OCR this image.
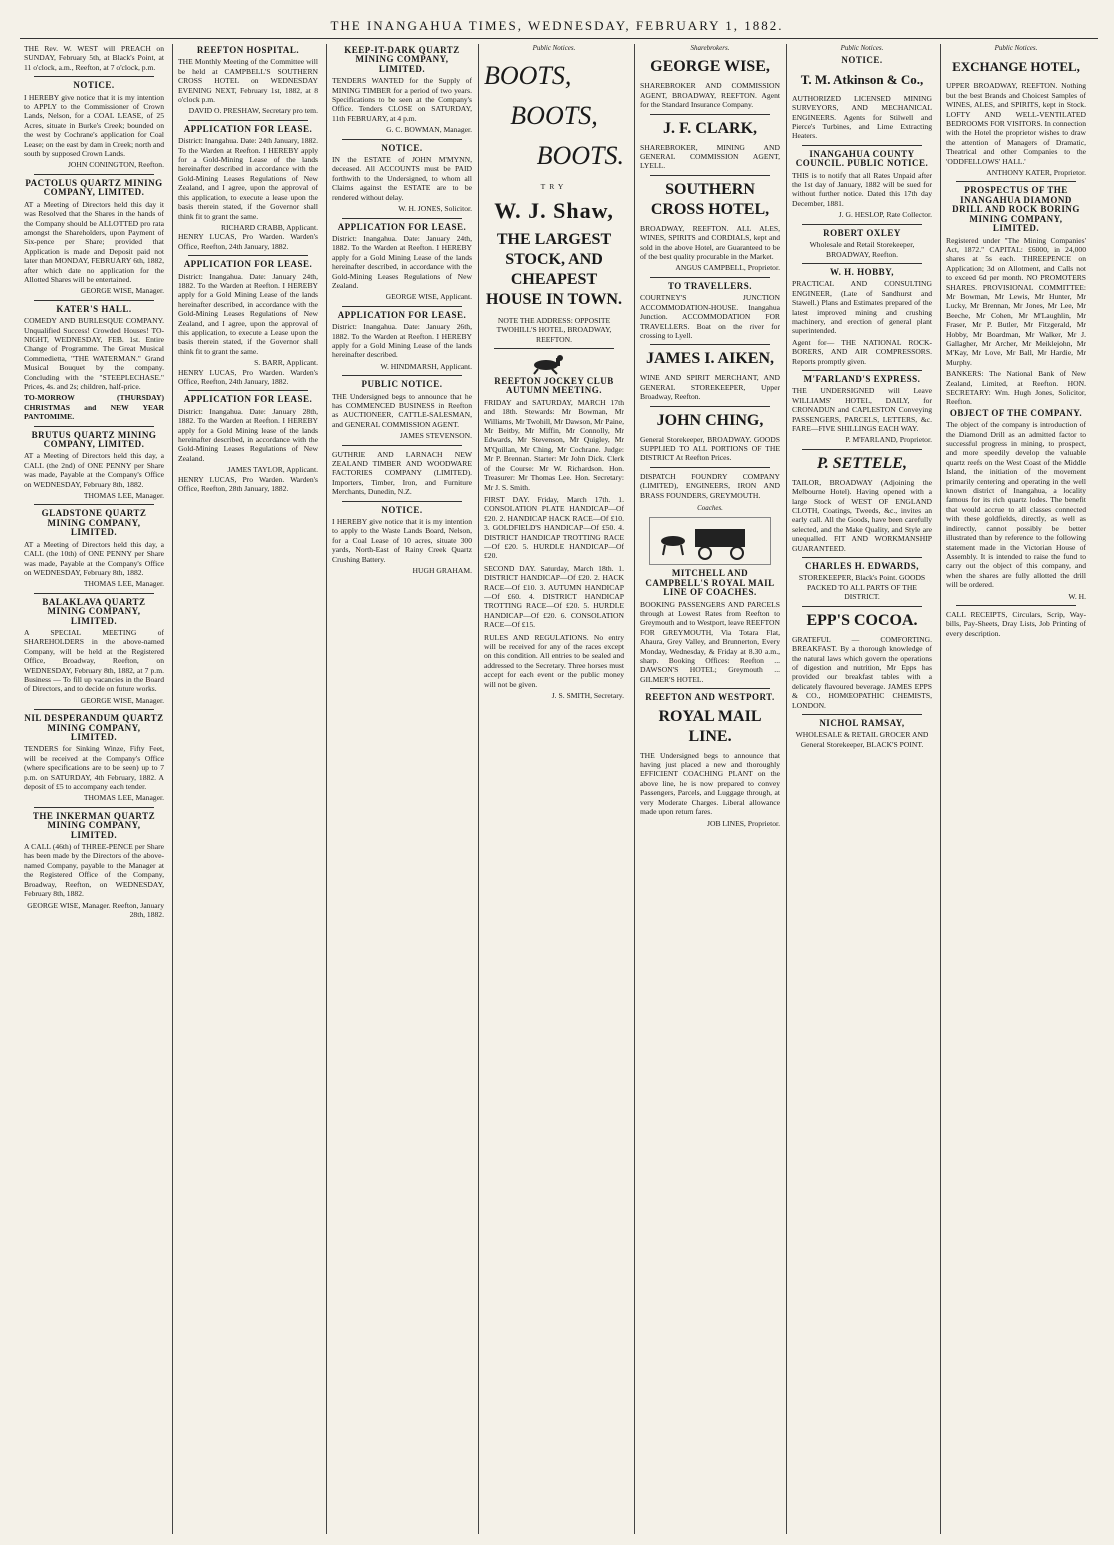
THE INANGAHUA TIMES, WEDNESDAY, FEBRUARY 1, 1882.

THE Rev. W. WEST will PREACH on SUNDAY, February 5th, at Black's Point, at 11 o'clock, a.m., Reefton, at 7 o'clock, p.m.

NOTICE.

I HEREBY give notice that it is my intention to APPLY to the Commissioner of Crown Lands, Nelson, for a COAL LEASE, of 25 Acres, situate in Burke's Creek; bounded on the west by Cochrane's application for Coal Lease; on the east by dam in Creek; north and south by supposed Crown Lands.

JOHN CONINGTON, Reefton.

PACTOLUS QUARTZ MINING COMPANY, LIMITED.

AT a Meeting of Directors held this day it was Resolved that the Shares in the hands of the Company should be ALLOTTED pro rata amongst the Shareholders, upon Payment of Six-pence per Share; provided that Application is made and Deposit paid not later than MONDAY, FEBRUARY 6th, 1882, after which date no application for the Allotted Shares will be entertained.

GEORGE WISE, Manager.

KATER'S HALL.

COMEDY AND BURLESQUE COMPANY. Unqualified Success! Crowded Houses! TO-NIGHT, WEDNESDAY, FEB. 1st. Entire Change of Programme. The Great Musical Commedietta, "THE WATERMAN." Grand Musical Bouquet by the company. Concluding with the "STEEPLECHASE." Prices, 4s. and 2s; children, half-price.

TO-MORROW (THURSDAY) CHRISTMAS and NEW YEAR PANTOMIME.

BRUTUS QUARTZ MINING COMPANY, LIMITED.

AT a Meeting of Directors held this day, a CALL (the 2nd) of ONE PENNY per Share was made, Payable at the Company's Office on WEDNESDAY, February 8th, 1882.

THOMAS LEE, Manager.

GLADSTONE QUARTZ MINING COMPANY, LIMITED.

AT a Meeting of Directors held this day, a CALL (the 10th) of ONE PENNY per Share was made, Payable at the Company's Office on WEDNESDAY, February 8th, 1882.

THOMAS LEE, Manager.

BALAKLAVA QUARTZ MINING COMPANY, LIMITED.

A SPECIAL MEETING of SHAREHOLDERS in the above-named Company, will be held at the Registered Office, Broadway, Reefton, on WEDNESDAY, February 8th, 1882, at 7 p.m. Business — To fill up vacancies in the Board of Directors, and to decide on future works.

GEORGE WISE, Manager.

NIL DESPERANDUM QUARTZ MINING COMPANY, LIMITED.

TENDERS for Sinking Winze, Fifty Feet, will be received at the Company's Office (where specifications are to be seen) up to 7 p.m. on SATURDAY, 4th February, 1882. A deposit of £5 to accompany each tender.

THOMAS LEE, Manager.

THE INKERMAN QUARTZ MINING COMPANY, LIMITED.

A CALL (46th) of THREE-PENCE per Share has been made by the Directors of the above-named Company, payable to the Manager at the Registered Office of the Company, Broadway, Reefton, on WEDNESDAY, February 8th, 1882.

GEORGE WISE, Manager. Reefton, January 28th, 1882.

REEFTON HOSPITAL.

THE Monthly Meeting of the Committee will be held at CAMPBELL'S SOUTHERN CROSS HOTEL on WEDNESDAY EVENING NEXT, February 1st, 1882, at 8 o'clock p.m.

DAVID O. PRESHAW, Secretary pro tem.

APPLICATION FOR LEASE.

District: Inangahua. Date: 24th January, 1882. To the Warden at Reefton. I HEREBY apply for a Gold-Mining Lease of the lands hereinafter described in accordance with the Gold-Mining Leases Regulations of New Zealand, and I agree, upon the approval of this application, to execute a lease upon the basis therein stated, if the Governor shall think fit to grant the same.

RICHARD CRABB, Applicant.

HENRY LUCAS, Pro Warden. Warden's Office, Reefton, 24th January, 1882.

APPLICATION FOR LEASE.

District: Inangahua. Date: January 24th, 1882. To the Warden at Reefton. I HEREBY apply for a Gold Mining Lease of the lands hereinafter described, in accordance with the Gold-Mining Leases Regulations of New Zealand, and I agree, upon the approval of this application, to execute a Lease upon the basis therein stated, if the Governor shall think fit to grant the same.

S. BARR, Applicant.

HENRY LUCAS, Pro Warden. Warden's Office, Reefton, 24th January, 1882.

APPLICATION FOR LEASE.

District: Inangahua. Date: January 28th, 1882. To the Warden at Reefton. I HEREBY apply for a Gold Mining lease of the lands hereinafter described, in accordance with the Gold-Mining Leases Regulations of New Zealand.

JAMES TAYLOR, Applicant.

HENRY LUCAS, Pro Warden. Warden's Office, Reefton, 28th January, 1882.

KEEP-IT-DARK QUARTZ MINING COMPANY, LIMITED.

TENDERS WANTED for the Supply of MINING TIMBER for a period of two years. Specifications to be seen at the Company's Office. Tenders CLOSE on SATURDAY, 11th FEBRUARY, at 4 p.m.

G. C. BOWMAN, Manager.

NOTICE.

IN the ESTATE of JOHN M'MYNN, deceased. All ACCOUNTS must be PAID forthwith to the Undersigned, to whom all Claims against the ESTATE are to be rendered without delay.

W. H. JONES, Solicitor.

APPLICATION FOR LEASE.

District: Inangahua. Date: January 24th, 1882. To the Warden at Reefton. I HEREBY apply for a Gold Mining Lease of the lands hereinafter described, in accordance with the Gold-Mining Leases Regulations of New Zealand.

GEORGE WISE, Applicant.

APPLICATION FOR LEASE.

District: Inangahua. Date: January 26th, 1882. To the Warden at Reefton. I HEREBY apply for a Gold Mining Lease of the lands hereinafter described.

W. HINDMARSH, Applicant.

PUBLIC NOTICE.

THE Undersigned begs to announce that he has COMMENCED BUSINESS in Reefton as AUCTIONEER, CATTLE-SALESMAN, and GENERAL COMMISSION AGENT.

JAMES STEVENSON.

GUTHRIE AND LARNACH NEW ZEALAND TIMBER AND WOODWARE FACTORIES COMPANY (LIMITED). Importers, Timber, Iron, and Furniture Merchants, Dunedin, N.Z.

NOTICE.

I HEREBY give notice that it is my intention to apply to the Waste Lands Board, Nelson, for a Coal Lease of 10 acres, situate 300 yards, North-East of Rainy Creek Quartz Crushing Battery.

HUGH GRAHAM.

Public Notices.
BOOTS,
BOOTS,
BOOTS.
TRY
W. J. Shaw,
THE LARGEST STOCK, AND CHEAPEST HOUSE IN TOWN.

NOTE THE ADDRESS: OPPOSITE TWOHILL'S HOTEL, BROADWAY, REEFTON.

REEFTON JOCKEY CLUB AUTUMN MEETING.

FRIDAY and SATURDAY, MARCH 17th and 18th. Stewards: Mr Bowman, Mr Williams, Mr Twohill, Mr Dawson, Mr Paine, Mr Beitby, Mr Miffin, Mr Connolly, Mr Edwards, Mr Stevenson, Mr Quigley, Mr M'Quillan, Mr Ching, Mr Cochrane. Judge: Mr P. Brennan. Starter: Mr John Dick. Clerk of the Course: Mr W. Richardson. Hon. Treasurer: Mr Thomas Lee. Hon. Secretary: Mr J. S. Smith.

FIRST DAY. Friday, March 17th. 1. CONSOLATION PLATE HANDICAP—Of £20. 2. HANDICAP HACK RACE—Of £10. 3. GOLDFIELD'S HANDICAP—Of £50. 4. DISTRICT HANDICAP TROTTING RACE—Of £20. 5. HURDLE HANDICAP—Of £20.

SECOND DAY. Saturday, March 18th. 1. DISTRICT HANDICAP—Of £20. 2. HACK RACE—Of £10. 3. AUTUMN HANDICAP—Of £60. 4. DISTRICT HANDICAP TROTTING RACE—Of £20. 5. HURDLE HANDICAP—Of £20. 6. CONSOLATION RACE—Of £15.

RULES AND REGULATIONS. No entry will be received for any of the races except on this condition. All entries to be sealed and addressed to the Secretary. Three horses must accept for each event or the public money will not be given.

J. S. SMITH, Secretary.

Sharebrokers.
GEORGE WISE,

SHAREBROKER AND COMMISSION AGENT, BROADWAY, REEFTON. Agent for the Standard Insurance Company.

J. F. CLARK,

SHAREBROKER, MINING AND GENERAL COMMISSION AGENT, LYELL.

SOUTHERN CROSS HOTEL,

BROADWAY, REEFTON. ALL ALES, WINES, SPIRITS and CORDIALS, kept and sold in the above Hotel, are Guaranteed to be of the best quality procurable in the Market.

ANGUS CAMPBELL, Proprietor.

TO TRAVELLERS.

COURTNEY'S JUNCTION ACCOMMODATION-HOUSE. Inangahua Junction. ACCOMMODATION FOR TRAVELLERS. Boat on the river for crossing to Lyell.

JAMES I. AIKEN,

WINE AND SPIRIT MERCHANT, AND GENERAL STOREKEEPER, Upper Broadway, Reefton.

JOHN CHING,

General Storekeeper, BROADWAY. GOODS SUPPLIED TO ALL PORTIONS OF THE DISTRICT At Reefton Prices.

DISPATCH FOUNDRY COMPANY (LIMITED), ENGINEERS, IRON AND BRASS FOUNDERS, GREYMOUTH.

Coaches.
MITCHELL AND CAMPBELL'S ROYAL MAIL LINE OF COACHES.

BOOKING PASSENGERS AND PARCELS through at Lowest Rates from Reefton to Greymouth and to Westport, leave REEFTON FOR GREYMOUTH, Via Totara Flat, Ahaura, Grey Valley, and Brunnerton, Every Monday, Wednesday, & Friday at 8.30 a.m., sharp. Booking Offices: Reefton ... DAWSON'S HOTEL; Greymouth ... GILMER'S HOTEL.

REEFTON AND WESTPORT.
ROYAL MAIL LINE.

THE Undersigned begs to announce that having just placed a new and thoroughly EFFICIENT COACHING PLANT on the above line, he is now prepared to convey Passengers, Parcels, and Luggage through, at very Moderate Charges. Liberal allowance made upon return fares.

JOB LINES, Proprietor.

Public Notices.
NOTICE.
T. M. Atkinson & Co.,

AUTHORIZED LICENSED MINING SURVEYORS, AND MECHANICAL ENGINEERS. Agents for Stilwell and Pierce's Turbines, and Lime Extracting Heaters.

INANGAHUA COUNTY COUNCIL. PUBLIC NOTICE.

THIS is to notify that all Rates Unpaid after the 1st day of January, 1882 will be sued for without further notice. Dated this 17th day December, 1881.

J. G. HESLOP, Rate Collector.

ROBERT OXLEY

Wholesale and Retail Storekeeper, BROADWAY, Reefton.

W. H. HOBBY,

PRACTICAL AND CONSULTING ENGINEER, (Late of Sandhurst and Stawell.) Plans and Estimates prepared of the latest improved mining and crushing machinery, and erection of general plant superintended.

Agent for— THE NATIONAL ROCK-BORERS, AND AIR COMPRESSORS. Reports promptly given.

M'FARLAND'S EXPRESS.

THE UNDERSIGNED will Leave WILLIAMS' HOTEL, DAILY, for CRONADUN and CAPLESTON Conveying PASSENGERS, PARCELS, LETTERS, &c. FARE—FIVE SHILLINGS EACH WAY.

P. M'FARLAND, Proprietor.

P. SETTELE,

TAILOR, BROADWAY (Adjoining the Melbourne Hotel). Having opened with a large Stock of WEST OF ENGLAND CLOTH, Coatings, Tweeds, &c., invites an early call. All the Goods, have been carefully selected, and the Make Quality, and Style are unequalled. FIT AND WORKMANSHIP GUARANTEED.

CHARLES H. EDWARDS,

STOREKEEPER, Black's Point. GOODS PACKED TO ALL PARTS OF THE DISTRICT.

EPP'S COCOA.

GRATEFUL — COMFORTING. BREAKFAST. By a thorough knowledge of the natural laws which govern the operations of digestion and nutrition, Mr Epps has provided our breakfast tables with a delicately flavoured beverage. JAMES EPPS & CO., HOMŒOPATHIC CHEMISTS, LONDON.

NICHOL RAMSAY,

WHOLESALE & RETAIL GROCER AND General Storekeeper, BLACK'S POINT.

Public Notices.
EXCHANGE HOTEL,

UPPER BROADWAY, REEFTON. Nothing but the best Brands and Choicest Samples of WINES, ALES, and SPIRITS, kept in Stock. LOFTY AND WELL-VENTILATED BEDROOMS FOR VISITORS. In connection with the Hotel the proprietor wishes to draw the attention of Managers of Dramatic, Theatrical and other Companies to the 'ODDFELLOWS' HALL.'

ANTHONY KATER, Proprietor.

PROSPECTUS OF THE INANGAHUA DIAMOND DRILL AND ROCK BORING MINING COMPANY, LIMITED.

Registered under "The Mining Companies' Act, 1872." CAPITAL: £6000, in 24,000 shares at 5s each. THREEPENCE on Application; 3d on Allotment, and Calls not to exceed 6d per month. NO PROMOTERS SHARES. PROVISIONAL COMMITTEE: Mr Bowman, Mr Lewis, Mr Hunter, Mr Lucky, Mr Brennan, Mr Jones, Mr Lee, Mr Beeche, Mr Cohen, Mr M'Laughlin, Mr Fraser, Mr P. Butler, Mr Fitzgerald, Mr Hobby, Mr Boardman, Mr Walker, Mr J. Gallagher, Mr Archer, Mr Meiklejohn, Mr M'Kay, Mr Love, Mr Ball, Mr Hardie, Mr Murphy.

BANKERS: The National Bank of New Zealand, Limited, at Reefton. HON. SECRETARY: Wm. Hugh Jones, Solicitor, Reefton.

OBJECT OF THE COMPANY.

The object of the company is introduction of the Diamond Drill as an admitted factor to successful progress in mining, to prospect, and more speedily develop the valuable quartz reefs on the West Coast of the Middle Island, the initiation of the movement primarily centering and operating in the well known district of Inangahua, a locality famous for its rich quartz lodes. The benefit that would accrue to all classes connected with these goldfields, directly, as well as indirectly, cannot possibly be better illustrated than by reference to the following statement made in the Victorian House of Assembly. It is intended to raise the fund to carry out the object of this company, and when the shares are fully allotted the drill will be ordered.

W. H.

CALL RECEIPTS, Circulars, Scrip, Way-bills, Pay-Sheets, Dray Lists, Job Printing of every description.
